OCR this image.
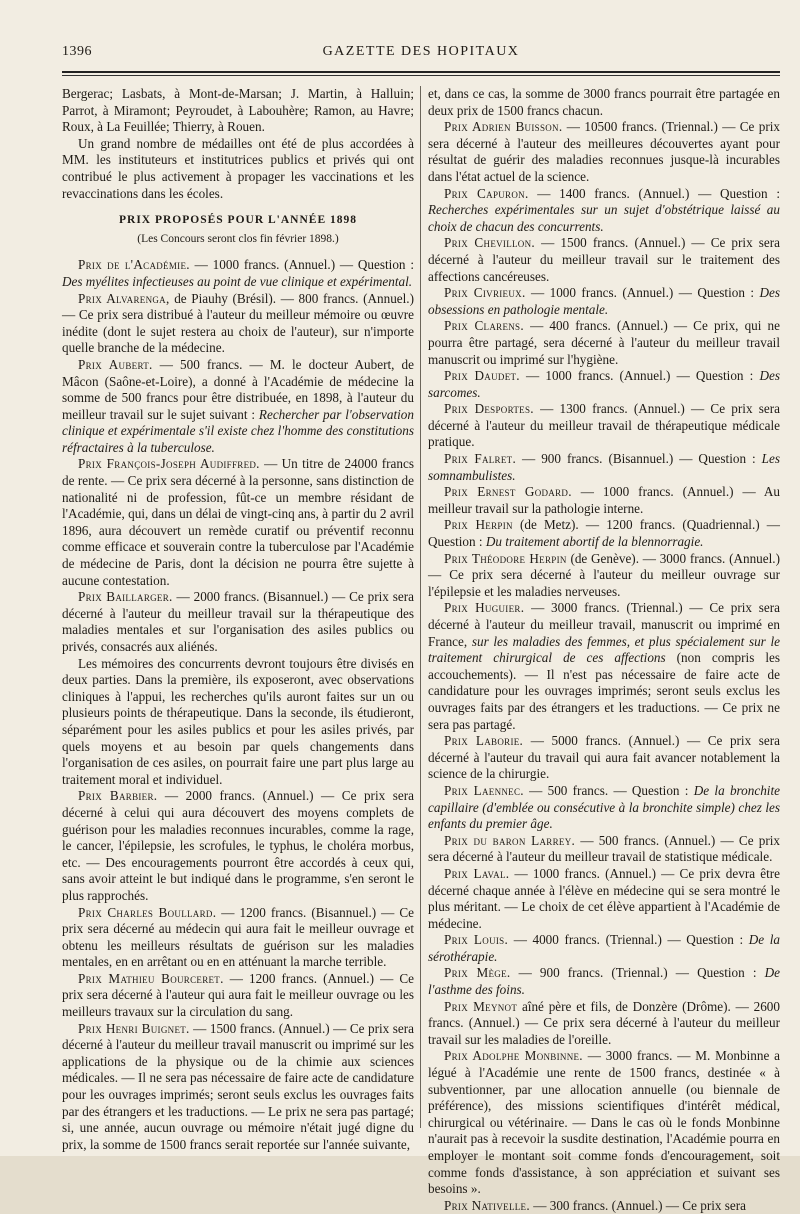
1396	GAZETTE DES HOPITAUX

Bergerac; Lasbats, à Mont-de-Marsan; J. Martin, à Halluin; Parrot, à Miramont; Peyroudet, à Labouhère; Ramon, au Havre; Roux, à La Feuillée; Thierry, à Rouen.

Un grand nombre de médailles ont été de plus accordées à MM. les instituteurs et institutrices publics et privés qui ont contribué le plus activement à propager les vaccinations et les revaccinations dans les écoles.

PRIX PROPOSÉS POUR L'ANNÉE 1898
(Les Concours seront clos fin février 1898.)

Prix de l'Académie. — 1000 francs. (Annuel.) — Question : Des myélites infectieuses au point de vue clinique et expérimental.

Prix Alvarenga, de Piauhy (Brésil). — 800 francs. (Annuel.) — Ce prix sera distribué à l'auteur du meilleur mémoire ou œuvre inédite (dont le sujet restera au choix de l'auteur), sur n'importe quelle branche de la médecine.

Prix Aubert. — 500 francs. — M. le docteur Aubert, de Mâcon (Saône-et-Loire), a donné à l'Académie de médecine la somme de 500 francs pour être distribuée, en 1898, à l'auteur du meilleur travail sur le sujet suivant : Rechercher par l'observation clinique et expérimentale s'il existe chez l'homme des constitutions réfractaires à la tuberculose.

Prix François-Joseph Audiffred. — Un titre de 24000 francs de rente. — Ce prix sera décerné à la personne, sans distinction de nationalité ni de profession, fût-ce un membre résidant de l'Académie, qui, dans un délai de vingt-cinq ans, à partir du 2 avril 1896, aura découvert un remède curatif ou préventif reconnu comme efficace et souverain contre la tuberculose par l'Académie de médecine de Paris, dont la décision ne pourra être sujette à aucune contestation.

Prix Baillarger. — 2000 francs. (Bisannuel.) — Ce prix sera décerné à l'auteur du meilleur travail sur la thérapeutique des maladies mentales et sur l'organisation des asiles publics ou privés, consacrés aux aliénés.

Les mémoires des concurrents devront toujours être divisés en deux parties. Dans la première, ils exposeront, avec observations cliniques à l'appui, les recherches qu'ils auront faites sur un ou plusieurs points de thérapeutique. Dans la seconde, ils étudieront, séparément pour les asiles publics et pour les asiles privés, par quels moyens et au besoin par quels changements dans l'organisation de ces asiles, on pourrait faire une part plus large au traitement moral et individuel.

Prix Barbier. — 2000 francs. (Annuel.) — Ce prix sera décerné à celui qui aura découvert des moyens complets de guérison pour les maladies reconnues incurables, comme la rage, le cancer, l'épilepsie, les scrofules, le typhus, le choléra morbus, etc. — Des encouragements pourront être accordés à ceux qui, sans avoir atteint le but indiqué dans le programme, s'en seront le plus rapprochés.

Prix Charles Boullard. — 1200 francs. (Bisannuel.) — Ce prix sera décerné au médecin qui aura fait le meilleur ouvrage et obtenu les meilleurs résultats de guérison sur les maladies mentales, en en arrêtant ou en en atténuant la marche terrible.

Prix Mathieu Bourceret. — 1200 francs. (Annuel.) — Ce prix sera décerné à l'auteur qui aura fait le meilleur ouvrage ou les meilleurs travaux sur la circulation du sang.

Prix Henri Buignet. — 1500 francs. (Annuel.) — Ce prix sera décerné à l'auteur du meilleur travail manuscrit ou imprimé sur les applications de la physique ou de la chimie aux sciences médicales. — Il ne sera pas nécessaire de faire acte de candidature pour les ouvrages imprimés; seront seuls exclus les ouvrages faits par des étrangers et les traductions. — Le prix ne sera pas partagé; si, une année, aucun ouvrage ou mémoire n'était jugé digne du prix, la somme de 1500 francs serait reportée sur l'année suivante,

et, dans ce cas, la somme de 3000 francs pourrait être partagée en deux prix de 1500 francs chacun.

Prix Adrien Buisson. — 10500 francs. (Triennal.) — Ce prix sera décerné à l'auteur des meilleures découvertes ayant pour résultat de guérir des maladies reconnues jusque-là incurables dans l'état actuel de la science.

Prix Capuron. — 1400 francs. (Annuel.) — Question : Recherches expérimentales sur un sujet d'obstétrique laissé au choix de chacun des concurrents.

Prix Chevillon. — 1500 francs. (Annuel.) — Ce prix sera décerné à l'auteur du meilleur travail sur le traitement des affections cancéreuses.

Prix Civrieux. — 1000 francs. (Annuel.) — Question : Des obsessions en pathologie mentale.

Prix Clarens. — 400 francs. (Annuel.) — Ce prix, qui ne pourra être partagé, sera décerné à l'auteur du meilleur travail manuscrit ou imprimé sur l'hygiène.

Prix Daudet. — 1000 francs. (Annuel.) — Question : Des sarcomes.

Prix Desportes. — 1300 francs. (Annuel.) — Ce prix sera décerné à l'auteur du meilleur travail de thérapeutique médicale pratique.

Prix Falret. — 900 francs. (Bisannuel.) — Question : Les somnambulistes.

Prix Ernest Godard. — 1000 francs. (Annuel.) — Au meilleur travail sur la pathologie interne.

Prix Herpin (de Metz). — 1200 francs. (Quadriennal.) — Question : Du traitement abortif de la blennorragie.

Prix Théodore Herpin (de Genève). — 3000 francs. (Annuel.) — Ce prix sera décerné à l'auteur du meilleur ouvrage sur l'épilepsie et les maladies nerveuses.

Prix Huguier. — 3000 francs. (Triennal.) — Ce prix sera décerné à l'auteur du meilleur travail, manuscrit ou imprimé en France, sur les maladies des femmes, et plus spécialement sur le traitement chirurgical de ces affections (non compris les accouchements). — Il n'est pas nécessaire de faire acte de candidature pour les ouvrages imprimés; seront seuls exclus les ouvrages faits par des étrangers et les traductions. — Ce prix ne sera pas partagé.

Prix Laborie. — 5000 francs. (Annuel.) — Ce prix sera décerné à l'auteur du travail qui aura fait avancer notablement la science de la chirurgie.

Prix Laennec. — 500 francs. — Question : De la bronchite capillaire (d'emblée ou consécutive à la bronchite simple) chez les enfants du premier âge.

Prix du baron Larrey. — 500 francs. (Annuel.) — Ce prix sera décerné à l'auteur du meilleur travail de statistique médicale.

Prix Laval. — 1000 francs. (Annuel.) — Ce prix devra être décerné chaque année à l'élève en médecine qui se sera montré le plus méritant. — Le choix de cet élève appartient à l'Académie de médecine.

Prix Louis. — 4000 francs. (Triennal.) — Question : De la sérothérapie.

Prix Mège. — 900 francs. (Triennal.) — Question : De l'asthme des foins.

Prix Meynot aîné père et fils, de Donzère (Drôme). — 2600 francs. (Annuel.) — Ce prix sera décerné à l'auteur du meilleur travail sur les maladies de l'oreille.

Prix Adolphe Monbinne. — 3000 francs. — M. Monbinne a légué à l'Académie une rente de 1500 francs, destinée « à subventionner, par une allocation annuelle (ou biennale de préférence), des missions scientifiques d'intérêt médical, chirurgical ou vétérinaire. — Dans le cas où le fonds Monbinne n'aurait pas à recevoir la susdite destination, l'Académie pourra en employer le montant soit comme fonds d'encouragement, soit comme fonds d'assistance, à son appréciation et suivant ses besoins ».

Prix Nativelle. — 300 francs. (Annuel.) — Ce prix sera
